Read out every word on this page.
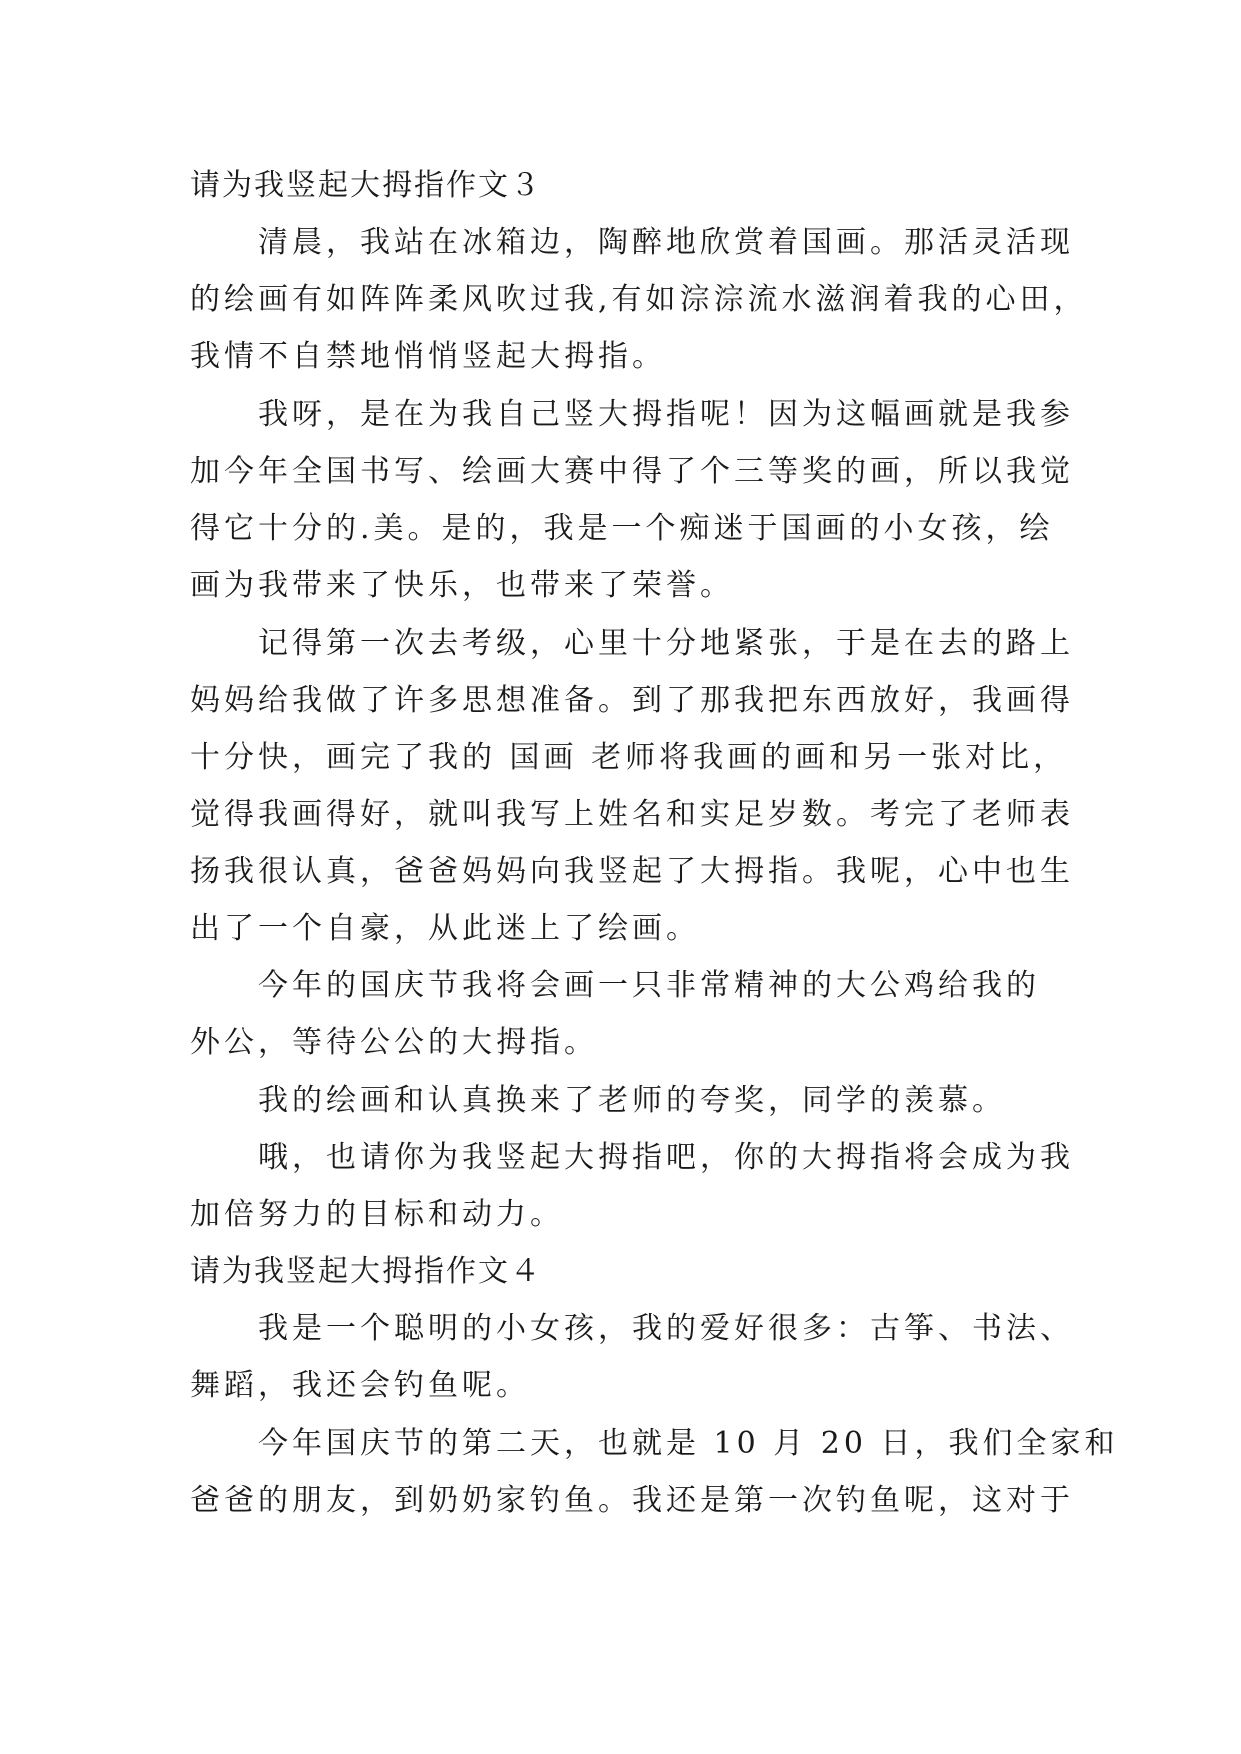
请为我竖起大拇指作文３
清晨，我站在冰箱边，陶醉地欣赏着国画。那活灵活现
的绘画有如阵阵柔风吹过我,有如淙淙流水滋润着我的心田，
我情不自禁地悄悄竖起大拇指。
我呀，是在为我自己竖大拇指呢！因为这幅画就是我参
加今年全国书写、绘画大赛中得了个三等奖的画，所以我觉
得它十分的.美。是的，我是一个痴迷于国画的小女孩，绘
画为我带来了快乐，也带来了荣誉。
记得第一次去考级，心里十分地紧张，于是在去的路上
妈妈给我做了许多思想准备。到了那我把东西放好，我画得
十分快，画完了我的 国画 老师将我画的画和另一张对比，
觉得我画得好，就叫我写上姓名和实足岁数。考完了老师表
扬我很认真，爸爸妈妈向我竖起了大拇指。我呢，心中也生
出了一个自豪，从此迷上了绘画。
今年的国庆节我将会画一只非常精神的大公鸡给我的
外公，等待公公的大拇指。
我的绘画和认真换来了老师的夸奖，同学的羡慕。
哦，也请你为我竖起大拇指吧，你的大拇指将会成为我
加倍努力的目标和动力。
请为我竖起大拇指作文４
我是一个聪明的小女孩，我的爱好很多：古筝、书法、
舞蹈，我还会钓鱼呢。
今年国庆节的第二天，也就是 10 月 20 日，我们全家和
爸爸的朋友，到奶奶家钓鱼。我还是第一次钓鱼呢，这对于
